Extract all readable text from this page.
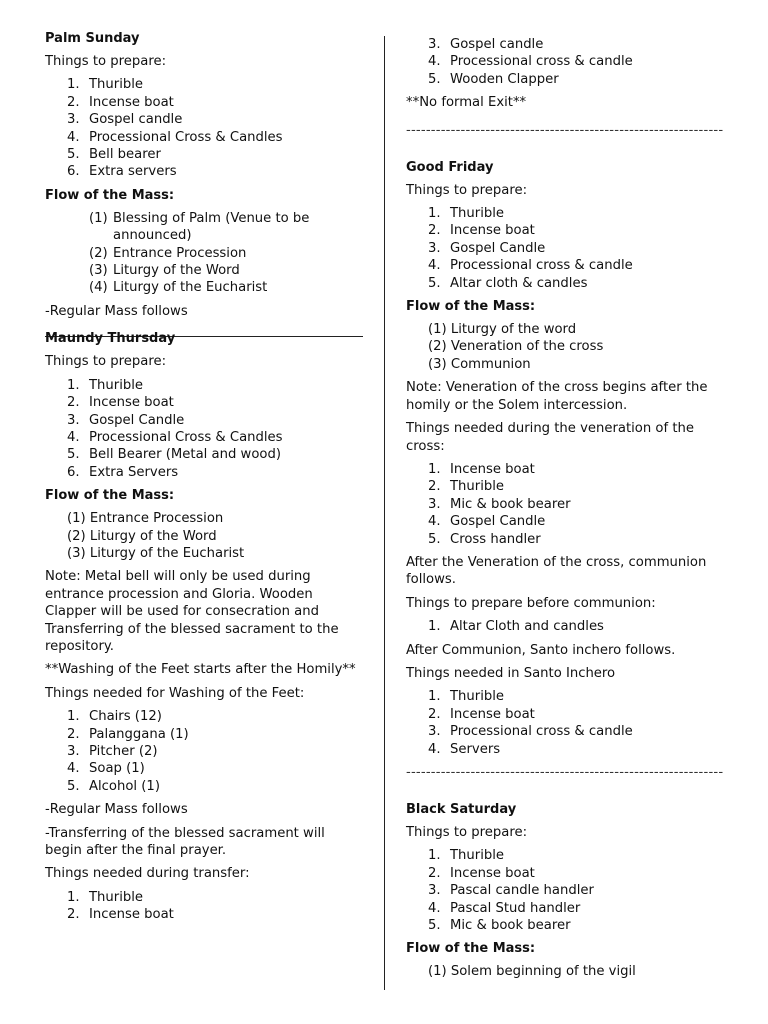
Palm Sunday

Things to prepare:

1. Thurible
2. Incense boat
3. Gospel candle
4. Processional Cross & Candles
5. Bell bearer
6. Extra servers
Flow of the Mass:
(1) Blessing of Palm (Venue to be announced)
(2) Entrance Procession
(3) Liturgy of the Word
(4) Liturgy of the Eucharist

-Regular Mass follows

Maundy Thursday

Things to prepare:

1. Thurible
2. Incense boat
3. Gospel Candle
4. Processional Cross & Candles
5. Bell Bearer (Metal and wood)
6. Extra Servers
Flow of the Mass:
(1) Entrance Procession
(2) Liturgy of the Word
(3) Liturgy of the Eucharist

Note: Metal bell will only be used during entrance procession and Gloria. Wooden Clapper will be used for consecration and Transferring of the blessed sacrament to the repository.

**Washing of the Feet starts after the Homily**

Things needed for Washing of the Feet:

1. Chairs (12)
2. Palanggana (1)
3. Pitcher (2)
4. Soap (1)
5. Alcohol (1)

-Regular Mass follows

-Transferring of the blessed sacrament will begin after the final prayer.

Things needed during transfer:

1. Thurible
2. Incense boat
3. Gospel candle
4. Processional cross & candle
5. Wooden Clapper

**No formal Exit**

----------------------------------------------------------------
Good Friday

Things to prepare:

1. Thurible
2. Incense boat
3. Gospel Candle
4. Processional cross & candle
5. Altar cloth & candles
Flow of the Mass:
(1) Liturgy of the word
(2) Veneration of the cross
(3) Communion

Note: Veneration of the cross begins after the homily or the Solem intercession.

Things needed during the veneration of the cross:

1. Incense boat
2. Thurible
3. Mic & book bearer
4. Gospel Candle
5. Cross handler

After the Veneration of the cross, communion follows.

Things to prepare before communion:

1. Altar Cloth and candles

After Communion, Santo inchero follows.

Things needed in Santo Inchero

1. Thurible
2. Incense boat
3. Processional cross & candle
4. Servers
----------------------------------------------------------------
Black Saturday

Things to prepare:

1. Thurible
2. Incense boat
3. Pascal candle handler
4. Pascal Stud handler
5. Mic & book bearer
Flow of the Mass:
(1) Solem beginning of the vigil
